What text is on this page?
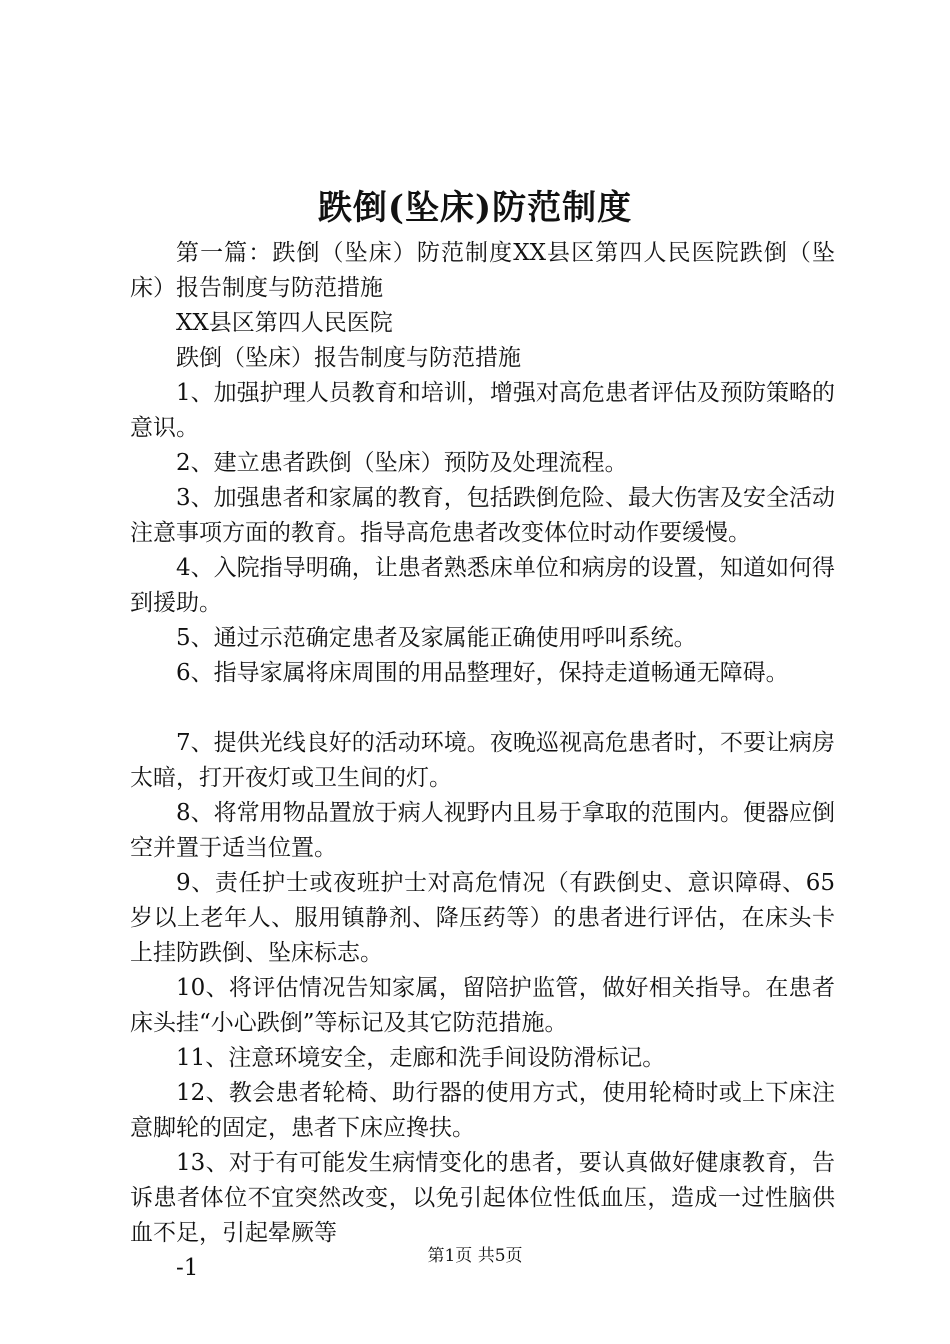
跌倒(坠床)防范制度

第一篇：跌倒（坠床）防范制度XX县区第四人民医院跌倒（坠床）报告制度与防范措施

XX县区第四人民医院

跌倒（坠床）报告制度与防范措施

1、加强护理人员教育和培训，增强对高危患者评估及预防策略的意识。

2、建立患者跌倒（坠床）预防及处理流程。

3、加强患者和家属的教育，包括跌倒危险、最大伤害及安全活动注意事项方面的教育。指导高危患者改变体位时动作要缓慢。

4、入院指导明确，让患者熟悉床单位和病房的设置，知道如何得到援助。

5、通过示范确定患者及家属能正确使用呼叫系统。

6、指导家属将床周围的用品整理好，保持走道畅通无障碍。

7、提供光线良好的活动环境。夜晚巡视高危患者时，不要让病房太暗，打开夜灯或卫生间的灯。

8、将常用物品置放于病人视野内且易于拿取的范围内。便器应倒空并置于适当位置。

9、责任护士或夜班护士对高危情况（有跌倒史、意识障碍、65岁以上老年人、服用镇静剂、降压药等）的患者进行评估，在床头卡上挂防跌倒、坠床标志。

10、将评估情况告知家属，留陪护监管，做好相关指导。在患者床头挂“小心跌倒”等标记及其它防范措施。

11、注意环境安全，走廊和洗手间设防滑标记。

12、教会患者轮椅、助行器的使用方式，使用轮椅时或上下床注意脚轮的固定，患者下床应搀扶。

13、对于有可能发生病情变化的患者，要认真做好健康教育，告诉患者体位不宜突然改变，以免引起体位性低血压，造成一过性脑供血不足，引起晕厥等

-1	第1页 共5页
